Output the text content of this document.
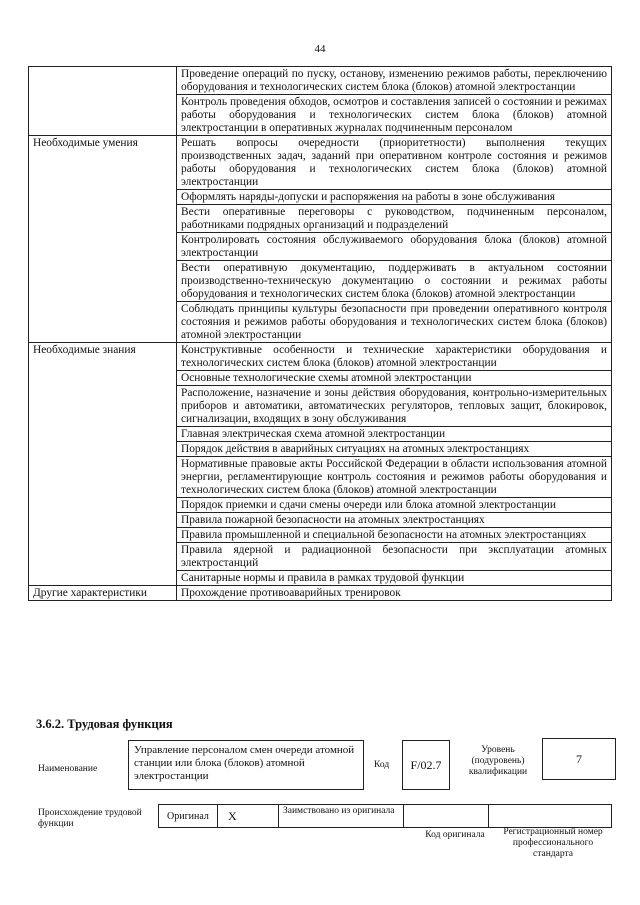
44
	Проведение операций по пуску, останову, изменению режимов работы, переключению оборудования и технологических систем блока (блоков) атомной электростанции
	Контроль проведения обходов, осмотров и составления записей о состоянии и режимах работы оборудования и технологических систем блока (блоков) атомной электростанции в оперативных журналах подчиненным персоналом
Необходимые умения	Решать вопросы очередности (приоритетности) выполнения текущих производственных задач, заданий при оперативном контроле состояния и режимов работы оборудования и технологических систем блока (блоков) атомной электростанции
	Оформлять наряды-допуски и распоряжения на работы в зоне обслуживания
	Вести оперативные переговоры с руководством, подчиненным персоналом, работниками подрядных организаций и подразделений
	Контролировать состояния обслуживаемого оборудования блока (блоков) атомной электростанции
	Вести оперативную документацию, поддерживать в актуальном состоянии производственно-техническую документацию о состоянии и режимах работы оборудования и технологических систем блока (блоков) атомной электростанции
	Соблюдать принципы культуры безопасности при проведении оперативного контроля состояния и режимов работы оборудования и технологических систем блока (блоков) атомной электростанции
Необходимые знания	Конструктивные особенности и технические характеристики оборудования и технологических систем блока (блоков) атомной электростанции
	Основные технологические схемы атомной электростанции
	Расположение, назначение и зоны действия оборудования, контрольно-измерительных приборов и автоматики, автоматических регуляторов, тепловых защит, блокировок, сигнализации, входящих в зону обслуживания
	Главная электрическая схема атомной электростанции
	Порядок действия в аварийных ситуациях на атомных электростанциях
	Нормативные правовые акты Российской Федерации в области использования атомной энергии, регламентирующие контроль состояния и режимов работы оборудования и технологических систем блока (блоков) атомной электростанции
	Порядок приемки и сдачи смены очереди или блока атомной электростанции
	Правила пожарной безопасности на атомных электростанциях
	Правила промышленной и специальной безопасности на атомных электростанциях
	Правила ядерной и радиационной безопасности при эксплуатации атомных электростанций
	Санитарные нормы и правила в рамках трудовой функции
Другие характеристики	Прохождение противоаварийных тренировок
3.6.2. Трудовая функция
Наименование
Управление персоналом смен очереди атомной станции или блока (блоков) атомной электростанции
Код F/02.7
Уровень (подуровень) квалификации
7
Происхождение трудовой функции
Оригинал X	Заимствовано из оригинала
Код оригинала	Регистрационный номер профессионального стандарта
